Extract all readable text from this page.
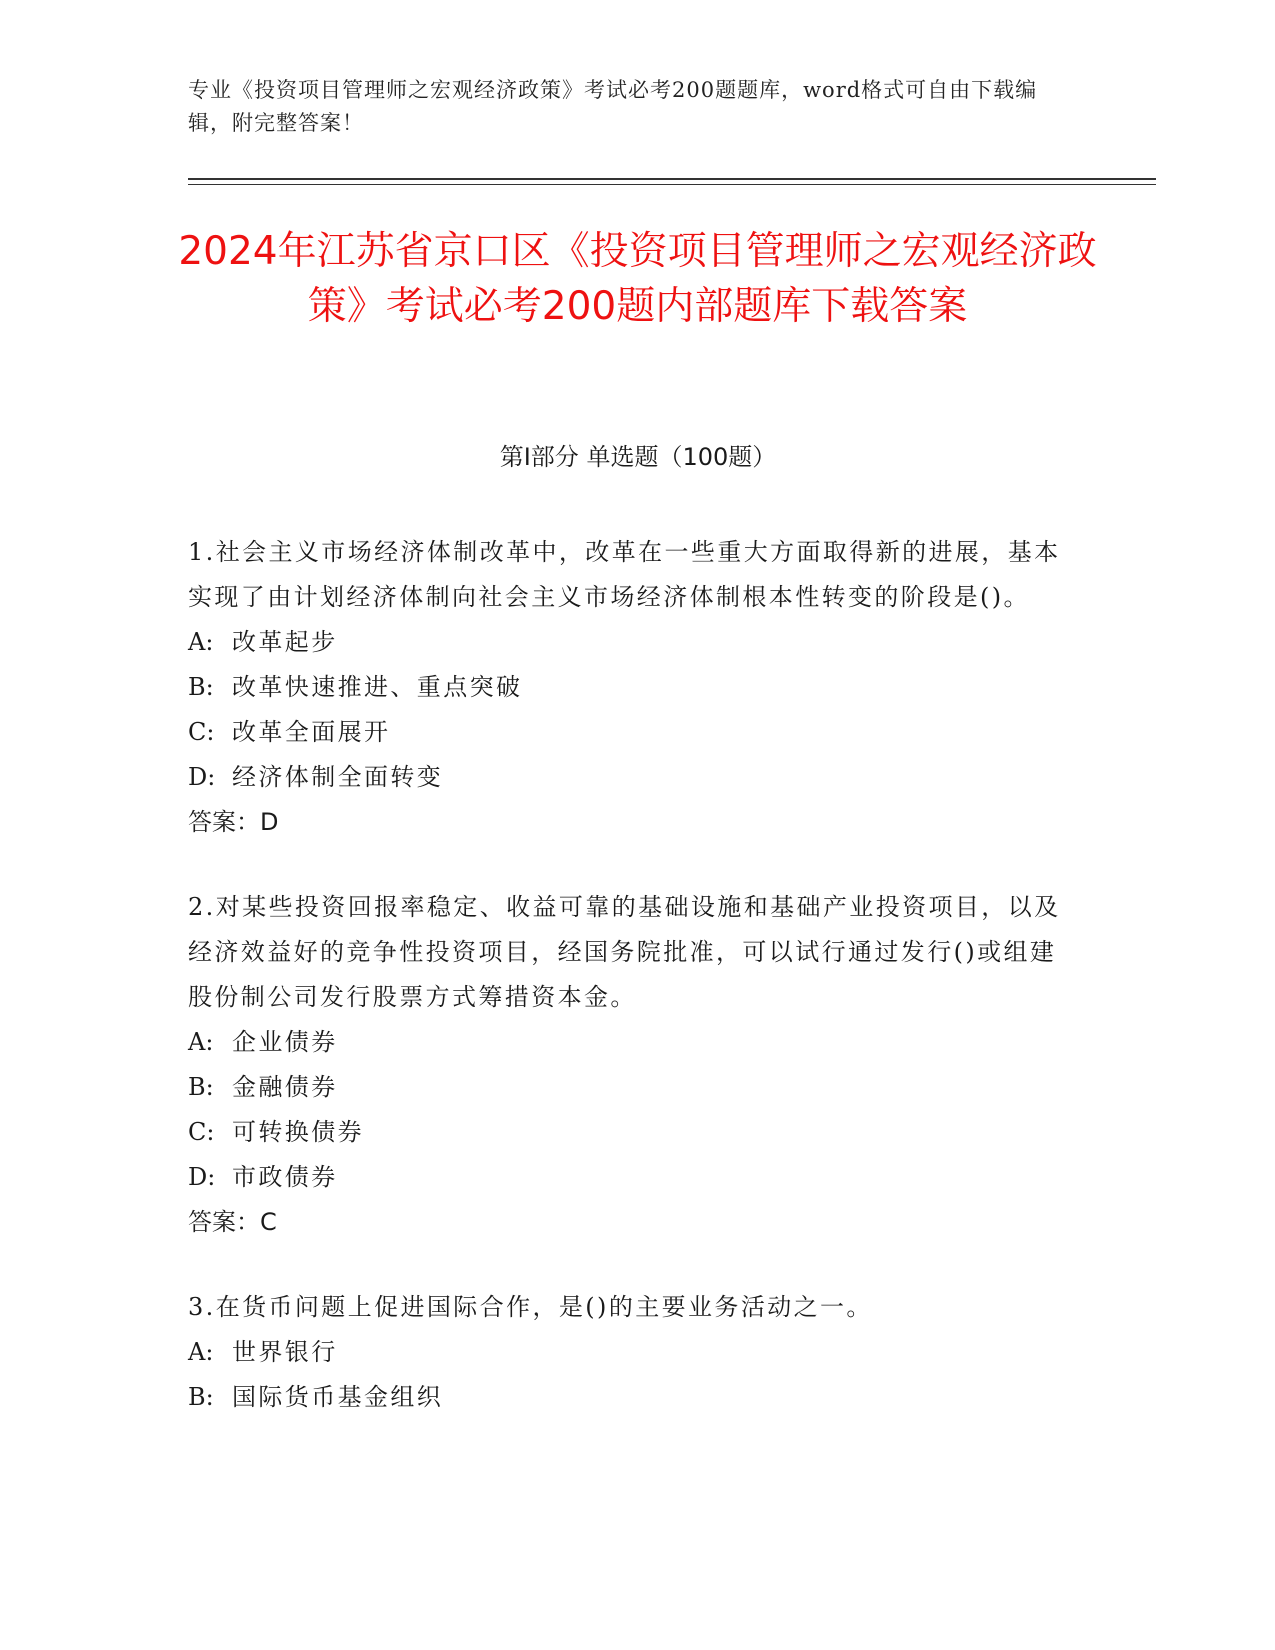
专业《投资项目管理师之宏观经济政策》考试必考200题题库，word格式可自由下载编辑，附完整答案！
2024年江苏省京口区《投资项目管理师之宏观经济政策》考试必考200题内部题库下载答案
第Ⅰ部分 单选题（100题）

1.社会主义市场经济体制改革中，改革在一些重大方面取得新的进展，基本实现了由计划经济体制向社会主义市场经济体制根本性转变的阶段是()。

A: 改革起步

B: 改革快速推进、重点突破

C: 改革全面展开

D: 经济体制全面转变

答案：D

2.对某些投资回报率稳定、收益可靠的基础设施和基础产业投资项目，以及经济效益好的竞争性投资项目，经国务院批准，可以试行通过发行()或组建股份制公司发行股票方式筹措资本金。

A: 企业债券

B: 金融债券

C: 可转换债券

D: 市政债券

答案：C

3.在货币问题上促进国际合作，是()的主要业务活动之一。

A: 世界银行

B: 国际货币基金组织
